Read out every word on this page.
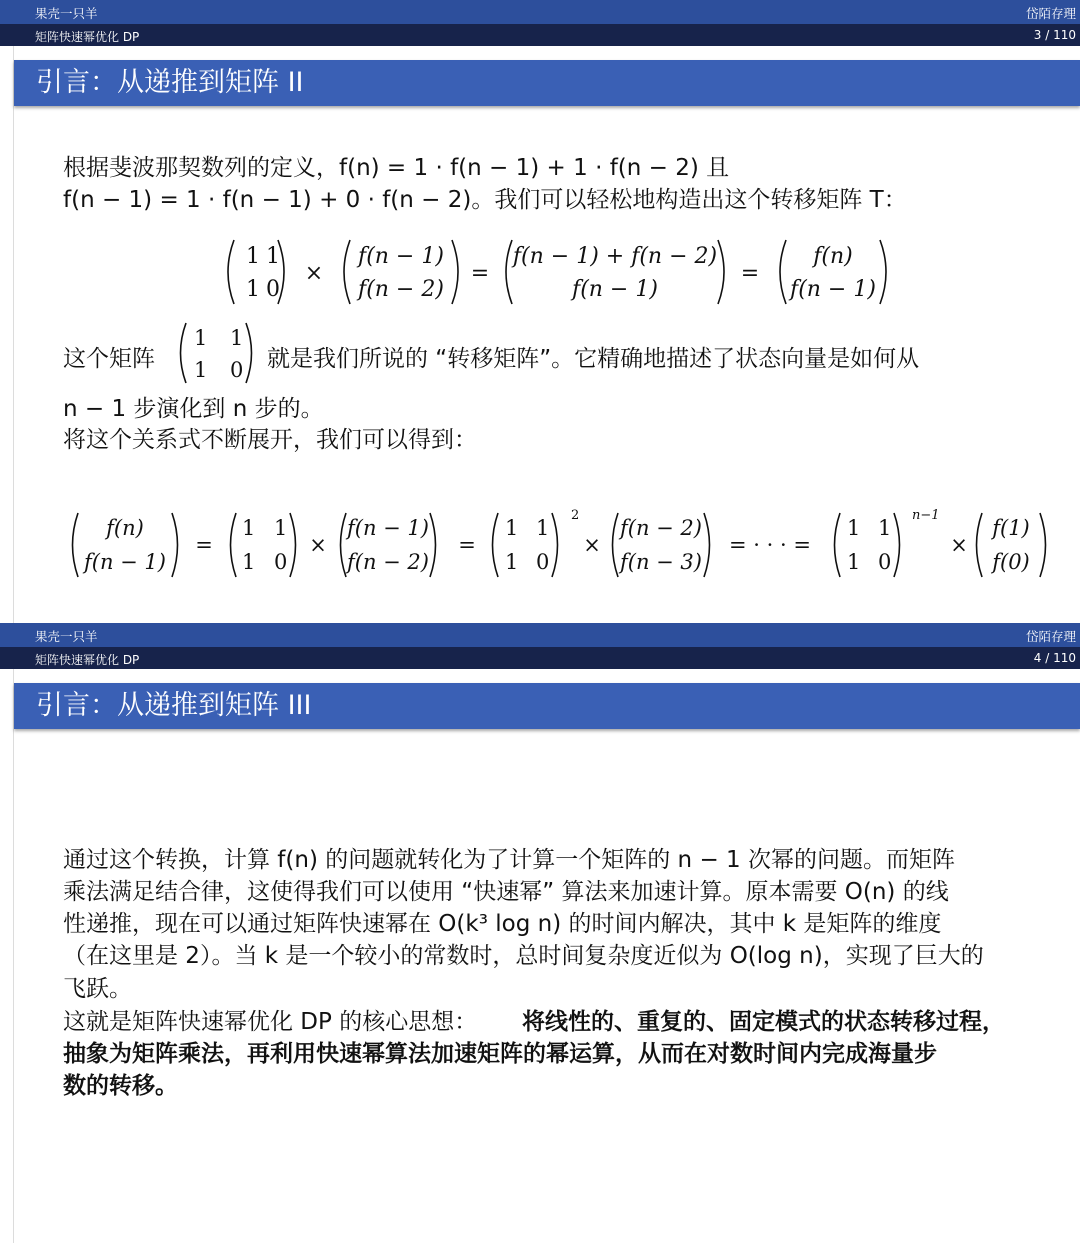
果壳一只羊	岱陌存理
矩阵快速幂优化 DP	3 / 110
引言：从递推到矩阵 II
根据斐波那契数列的定义，f(n) = 1 · f(n − 1) + 1 · f(n − 2) 且
f(n − 1) = 1 · f(n − 1) + 0 · f(n − 2)。我们可以轻松地构造出这个转移矩阵 T：
1 1
1 0
×
f(n − 1)
f(n − 2)
=
f(n − 1) + f(n − 2)
f(n − 1)
=
f(n)
f(n − 1)
这个矩阵
1 1
1 0 就是我们所说的 “转移矩阵”。它精确地描述了状态向量是如何从
n − 1 步演化到 n 步的。
将这个关系式不断展开，我们可以得到：
f(n)
f(n − 1)
=
1 1
1 0
×
f(n − 1)
f(n − 2)
=
1 1
1 0
2
×
f(n − 2)
f(n − 3)
= · · · =
1 1
1 0
n−1
×
f(1)
f(0)
果壳一只羊	岱陌存理
矩阵快速幂优化 DP	4 / 110
引言：从递推到矩阵 III
通过这个转换，计算 f(n) 的问题就转化为了计算一个矩阵的 n − 1 次幂的问题。而矩阵
乘法满足结合律，这使得我们可以使用 “快速幂” 算法来加速计算。原本需要 O(n) 的线
性递推，现在可以通过矩阵快速幂在 O(k³ log n) 的时间内解决，其中 k 是矩阵的维度
（在这里是 2）。当 k 是一个较小的常数时，总时间复杂度近似为 O(log n)，实现了巨大的
飞跃。
这就是矩阵快速幂优化 DP 的核心思想： 将线性的、重复的、固定模式的状态转移过程，
抽象为矩阵乘法，再利用快速幂算法加速矩阵的幂运算，从而在对数时间内完成海量步
数的转移。
